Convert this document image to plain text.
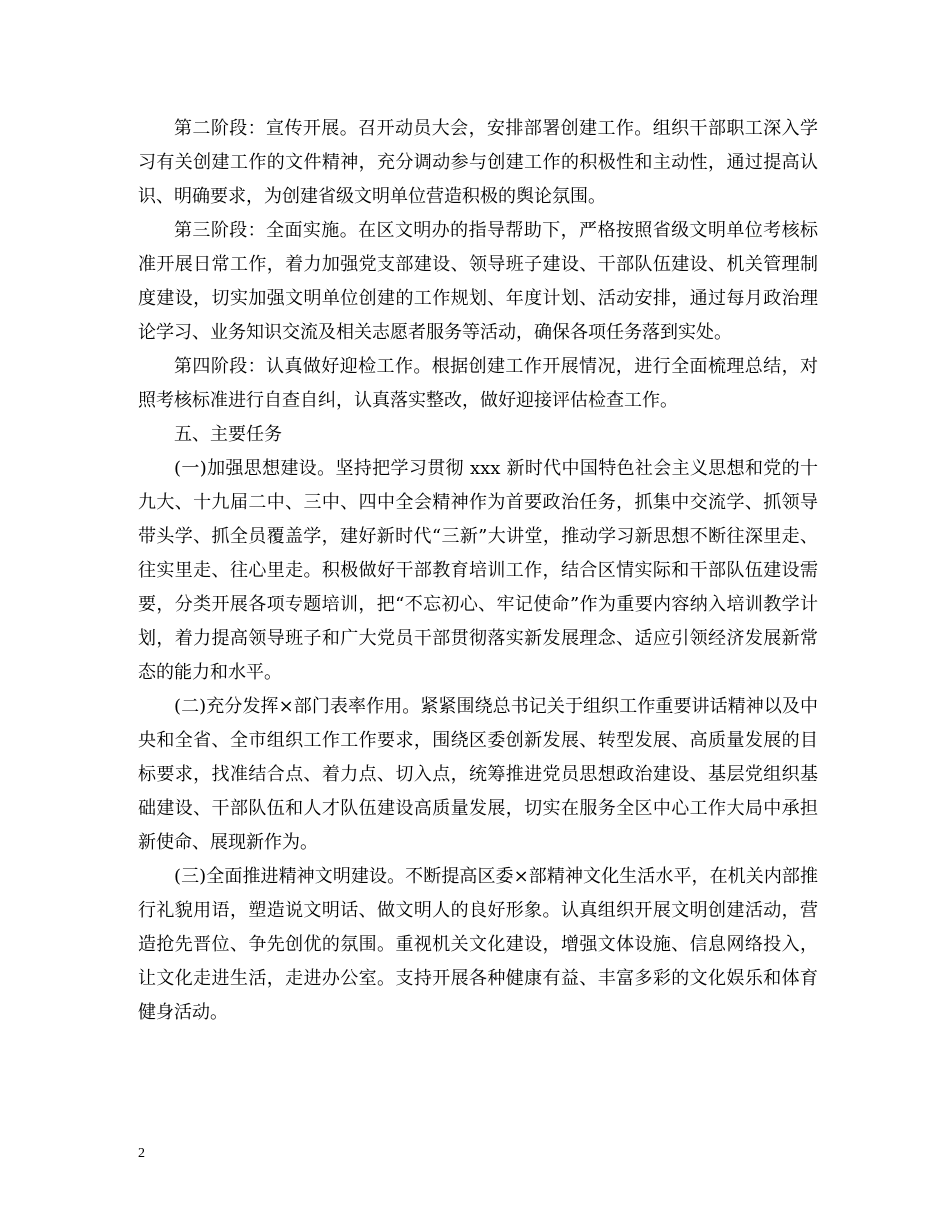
第二阶段：宣传开展。召开动员大会，安排部署创建工作。组织干部职工深入学习有关创建工作的文件精神，充分调动参与创建工作的积极性和主动性，通过提高认识、明确要求，为创建省级文明单位营造积极的舆论氛围。

第三阶段：全面实施。在区文明办的指导帮助下，严格按照省级文明单位考核标准开展日常工作，着力加强党支部建设、领导班子建设、干部队伍建设、机关管理制度建设，切实加强文明单位创建的工作规划、年度计划、活动安排，通过每月政治理论学习、业务知识交流及相关志愿者服务等活动，确保各项任务落到实处。

第四阶段：认真做好迎检工作。根据创建工作开展情况，进行全面梳理总结，对照考核标准进行自查自纠，认真落实整改，做好迎接评估检查工作。

五、主要任务

(一)加强思想建设。坚持把学习贯彻 xxx 新时代中国特色社会主义思想和党的十九大、十九届二中、三中、四中全会精神作为首要政治任务，抓集中交流学、抓领导带头学、抓全员覆盖学，建好新时代“三新”大讲堂，推动学习新思想不断往深里走、往实里走、往心里走。积极做好干部教育培训工作，结合区情实际和干部队伍建设需要，分类开展各项专题培训，把“不忘初心、牢记使命”作为重要内容纳入培训教学计划，着力提高领导班子和广大党员干部贯彻落实新发展理念、适应引领经济发展新常态的能力和水平。

(二)充分发挥×部门表率作用。紧紧围绕总书记关于组织工作重要讲话精神以及中央和全省、全市组织工作工作要求，围绕区委创新发展、转型发展、高质量发展的目标要求，找准结合点、着力点、切入点，统筹推进党员思想政治建设、基层党组织基础建设、干部队伍和人才队伍建设高质量发展，切实在服务全区中心工作大局中承担新使命、展现新作为。

(三)全面推进精神文明建设。不断提高区委×部精神文化生活水平，在机关内部推行礼貌用语，塑造说文明话、做文明人的良好形象。认真组织开展文明创建活动，营造抢先晋位、争先创优的氛围。重视机关文化建设，增强文体设施、信息网络投入，让文化走进生活，走进办公室。支持开展各种健康有益、丰富多彩的文化娱乐和体育健身活动。

2
